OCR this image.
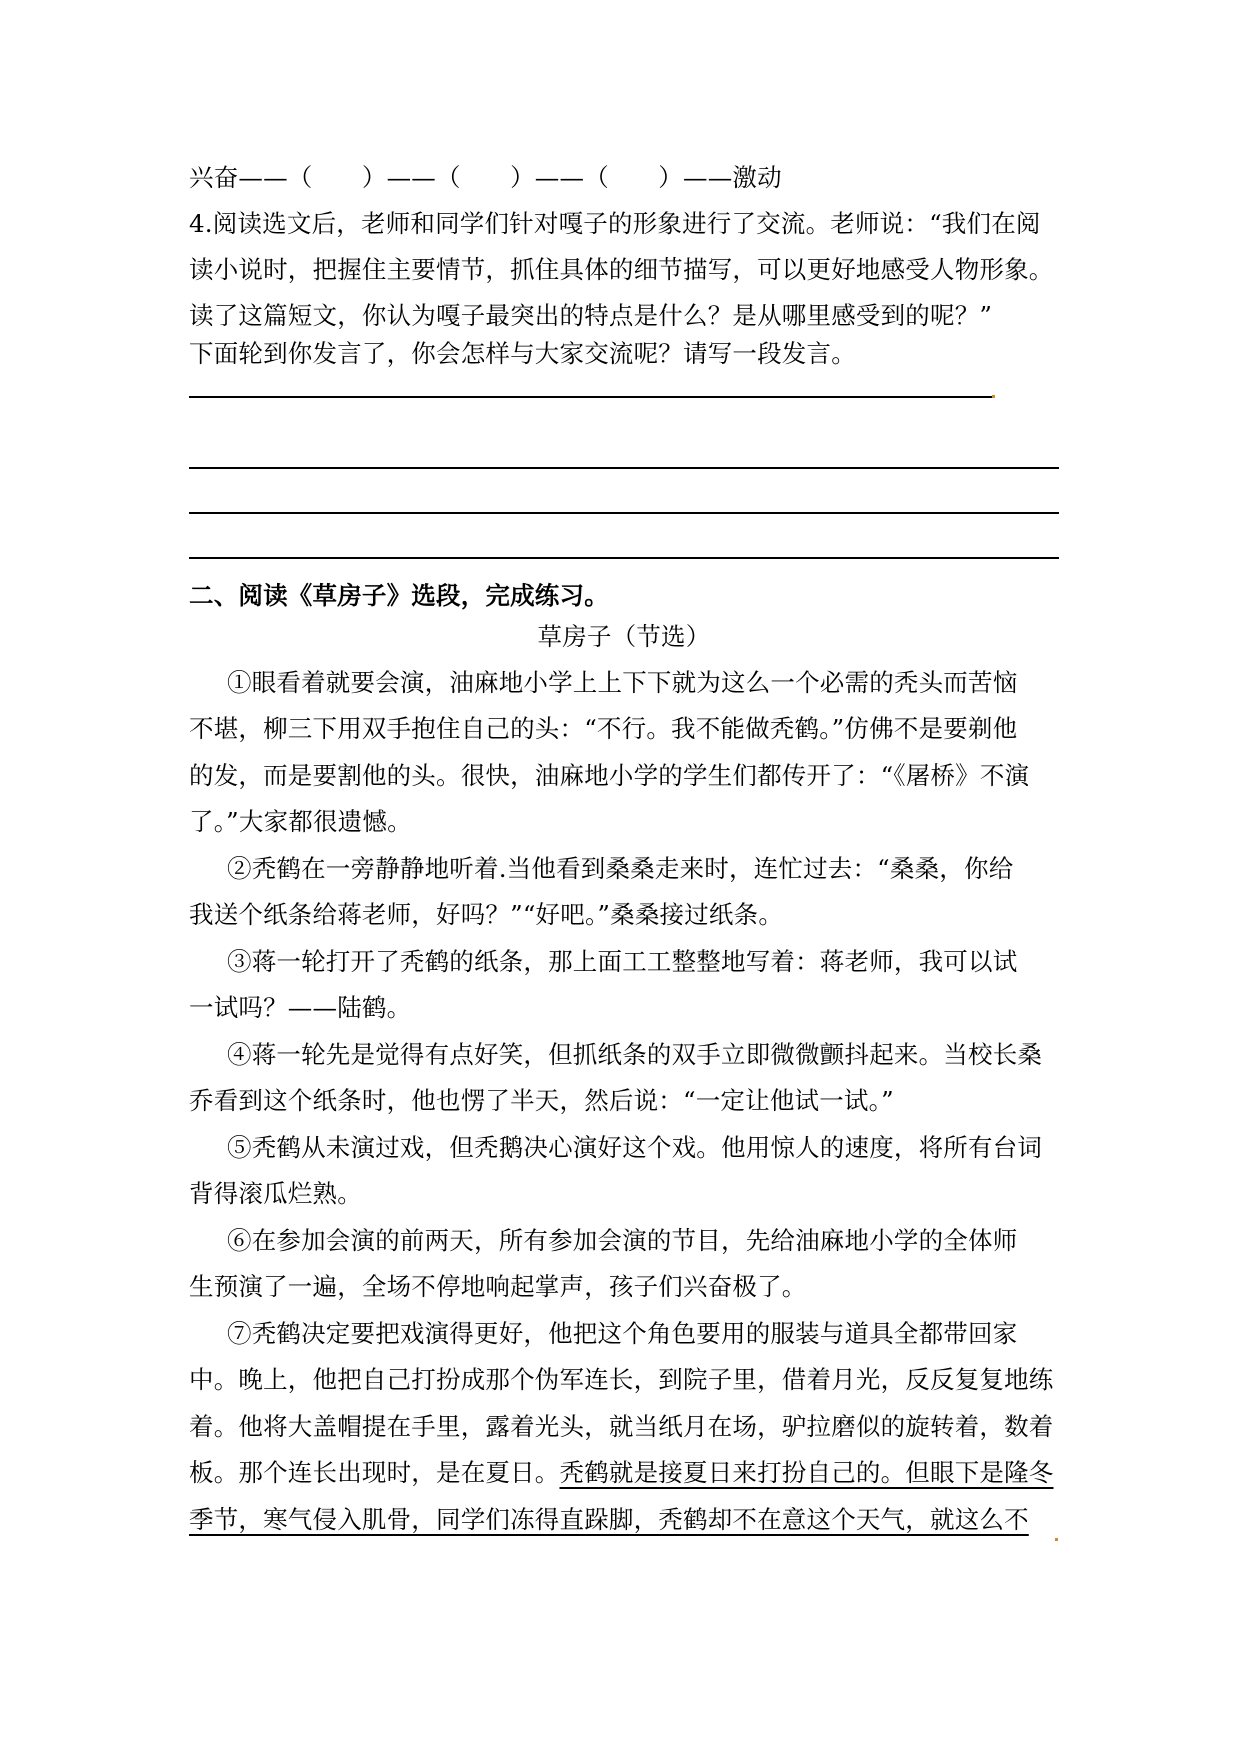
兴奋——（　　）——（　　）——（　　）——激动
4.阅读选文后，老师和同学们针对嘎子的形象进行了交流。老师说：“我们在阅
读小说时，把握住主要情节，抓住具体的细节描写，可以更好地感受人物形象。
读了这篇短文，你认为嘎子最突出的特点是什么？是从哪里感受到的呢？”
下面轮到你发言了，你会怎样与大家交流呢？请写一段发言。
二、阅读《草房子》选段，完成练习。
草房子（节选）
①眼看着就要会演，油麻地小学上上下下就为这么一个必需的秃头而苦恼
不堪，柳三下用双手抱住自己的头：“不行。我不能做秃鹤。”仿佛不是要剃他
的发，而是要割他的头。很快，油麻地小学的学生们都传开了：“《屠桥》不演
了。”大家都很遗憾。
②秃鹤在一旁静静地听着.当他看到桑桑走来时，连忙过去：“桑桑，你给
我送个纸条给蒋老师，好吗？”“好吧。”桑桑接过纸条。
③蒋一轮打开了秃鹤的纸条，那上面工工整整地写着：蒋老师，我可以试
一试吗？——陆鹤。
④蒋一轮先是觉得有点好笑，但抓纸条的双手立即微微颤抖起来。当校长桑
乔看到这个纸条时，他也愣了半天，然后说：“一定让他试一试。”
⑤秃鹤从未演过戏，但秃鹅决心演好这个戏。他用惊人的速度，将所有台词
背得滚瓜烂熟。
⑥在参加会演的前两天，所有参加会演的节目，先给油麻地小学的全体师
生预演了一遍，全场不停地响起掌声，孩子们兴奋极了。
⑦秃鹤决定要把戏演得更好，他把这个角色要用的服装与道具全都带回家
中。晚上，他把自己打扮成那个伪军连长，到院子里，借着月光，反反复复地练
着。他将大盖帽提在手里，露着光头，就当纸月在场，驴拉磨似的旋转着，数着
板。那个连长出现时，是在夏日。秃鹤就是接夏日来打扮自己的。但眼下是隆冬
季节，寒气侵入肌骨，同学们冻得直跺脚，秃鹤却不在意这个天气，就这么不
